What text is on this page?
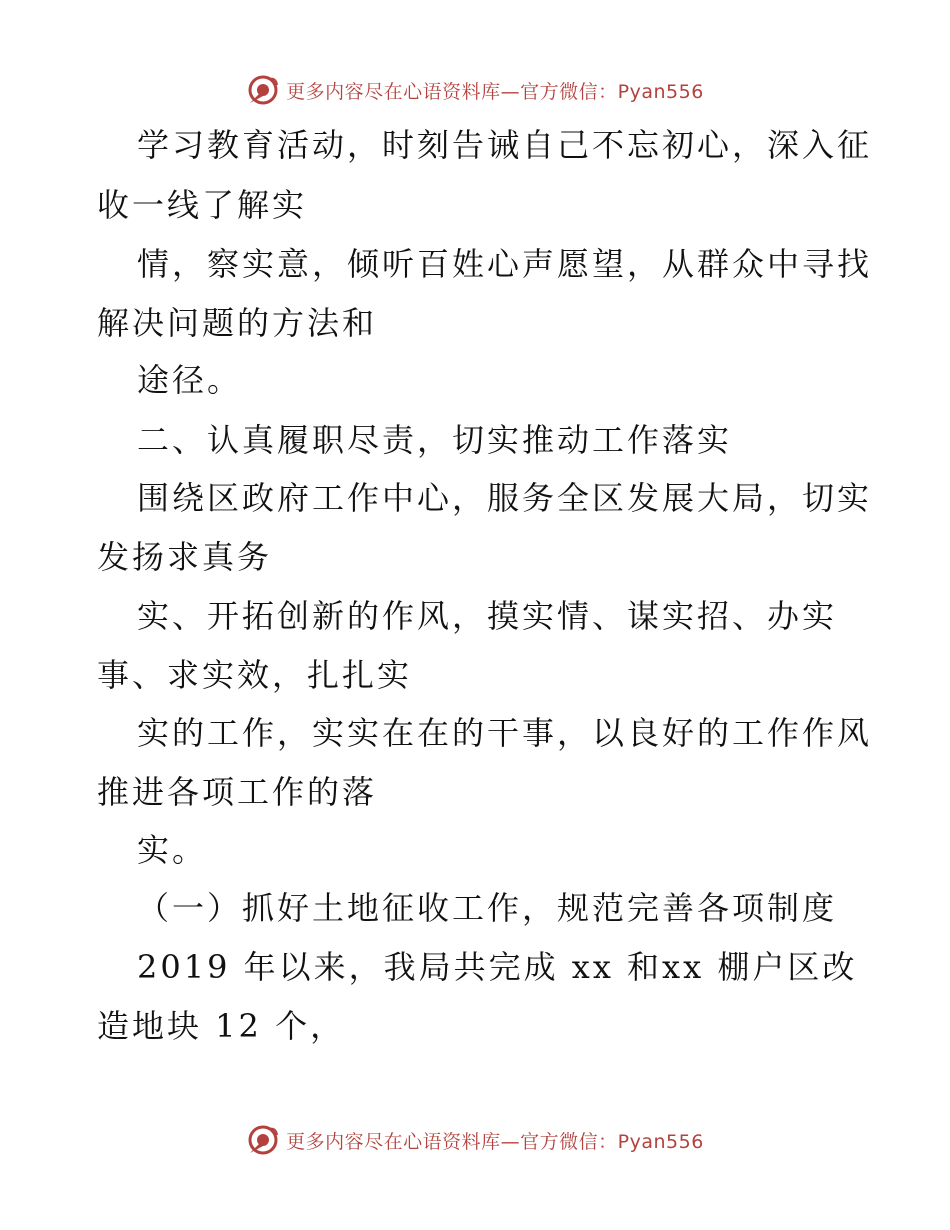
更多内容尽在心语资料库—官方微信：Pyan556
学习教育活动，时刻告诫自己不忘初心，深入征
收一线了解实
情，察实意，倾听百姓心声愿望，从群众中寻找
解决问题的方法和
途径。
二、认真履职尽责，切实推动工作落实
围绕区政府工作中心，服务全区发展大局，切实
发扬求真务
实、开拓创新的作风，摸实情、谋实招、办实
事、求实效，扎扎实
实的工作，实实在在的干事，以良好的工作作风
推进各项工作的落
实。
（一）抓好土地征收工作，规范完善各项制度
2019 年以来，我局共完成 xx 和xx 棚户区改
造地块 12 个，
更多内容尽在心语资料库—官方微信：Pyan556
